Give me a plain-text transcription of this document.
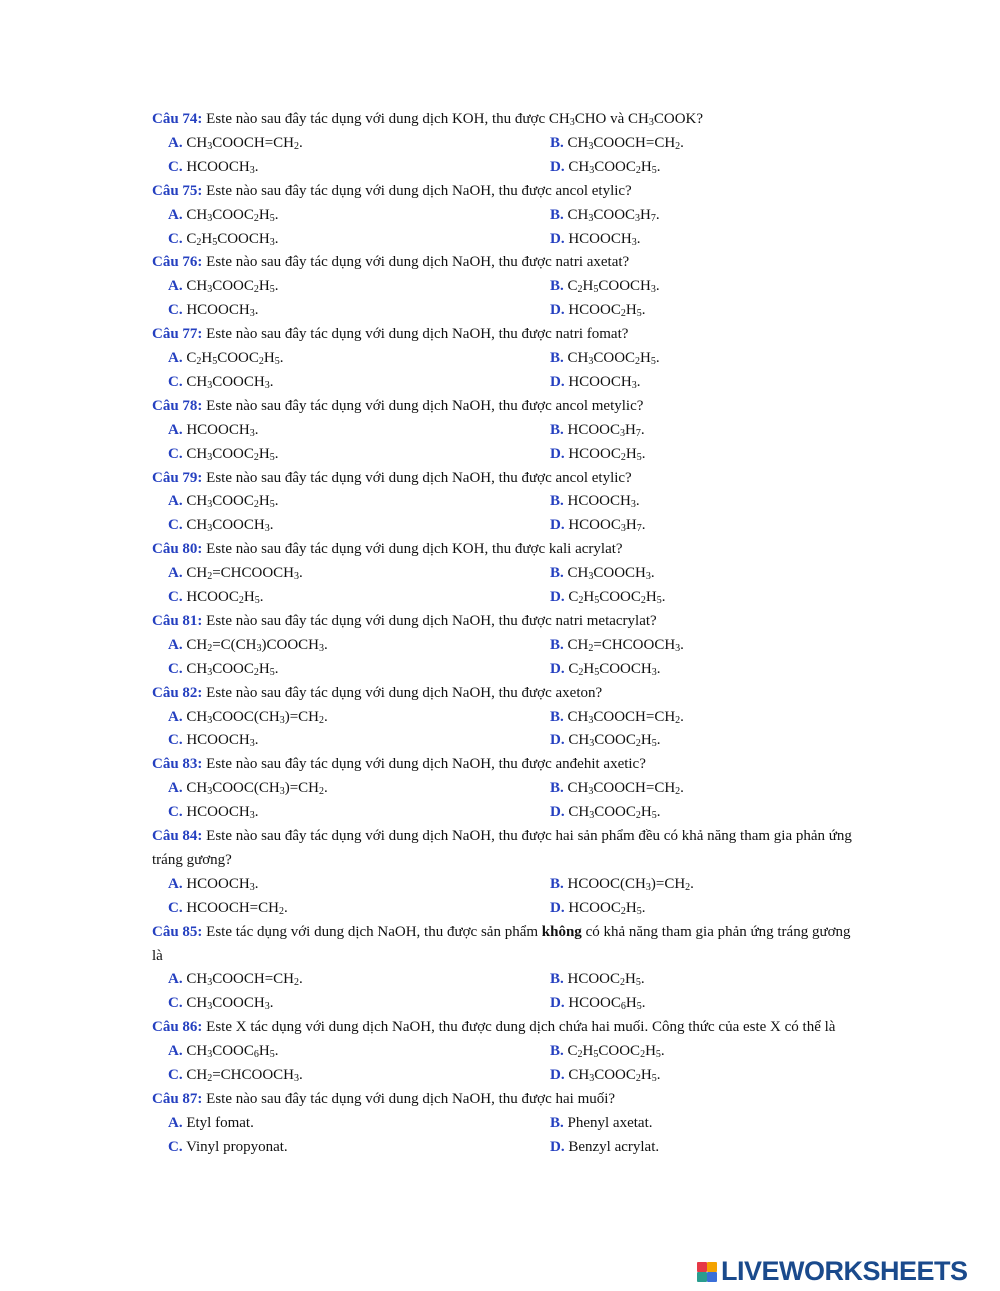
Câu 74: Este nào sau đây tác dụng với dung dịch KOH, thu được $CH_3CHO$ và $CH_3COOK$?
A. $CH_3COOCH=CH_2$.	B. $CH_3COOCH=CH_2$.
C. $HCOOCH_3$.	D. $CH_3COOC_2H_5$.
Câu 75: Este nào sau đây tác dụng với dung dịch NaOH, thu được ancol etylic?
A. $CH_3COOC_2H_5$.	B. $CH_3COOC_3H_7$.
C. $C_2H_5COOCH_3$.	D. $HCOOCH_3$.
Câu 76: Este nào sau đây tác dụng với dung dịch NaOH, thu được natri axetat?
A. $CH_3COOC_2H_5$.	B. $C_2H_5COOCH_3$.
C. $HCOOCH_3$.	D. $HCOOC_2H_5$.
Câu 77: Este nào sau đây tác dụng với dung dịch NaOH, thu được natri fomat?
A. $C_2H_5COOC_2H_5$.	B. $CH_3COOC_2H_5$.
C. $CH_3COOCH_3$.	D. $HCOOCH_3$.
Câu 78: Este nào sau đây tác dụng với dung dịch NaOH, thu được ancol metylic?
A. $HCOOCH_3$.	B. $HCOOC_3H_7$.
C. $CH_3COOC_2H_5$.	D. $HCOOC_2H_5$.
Câu 79: Este nào sau đây tác dụng với dung dịch NaOH, thu được ancol etylic?
A. $CH_3COOC_2H_5$.	B. $HCOOCH_3$.
C. $CH_3COOCH_3$.	D. $HCOOC_3H_7$.
Câu 80: Este nào sau đây tác dụng với dung dịch KOH, thu được kali acrylat?
A. $CH_2=CHCOOCH_3$.	B. $CH_3COOCH_3$.
C. $HCOOC_2H_5$.	D. $C_2H_5COOC_2H_5$.
Câu 81: Este nào sau đây tác dụng với dung dịch NaOH, thu được natri metacrylat?
A. $CH_2=C(CH_3)COOCH_3$.	B. $CH_2=CHCOOCH_3$.
C. $CH_3COOC_2H_5$.	D. $C_2H_5COOCH_3$.
Câu 82: Este nào sau đây tác dụng với dung dịch NaOH, thu được axeton?
A. $CH_3COOC(CH_3)=CH_2$.	B. $CH_3COOCH=CH_2$.
C. $HCOOCH_3$.	D. $CH_3COOC_2H_5$.
Câu 83: Este nào sau đây tác dụng với dung dịch NaOH, thu được anđehit axetic?
A. $CH_3COOC(CH_3)=CH_2$.	B. $CH_3COOCH=CH_2$.
C. $HCOOCH_3$.	D. $CH_3COOC_2H_5$.
Câu 84: Este nào sau đây tác dụng với dung dịch NaOH, thu được hai sản phẩm đều có khả năng tham gia phản ứng tráng gương?
A. $HCOOCH_3$.	B. $HCOOC(CH_3)=CH_2$.
C. $HCOOCH=CH_2$.	D. $HCOOC_2H_5$.
Câu 85: Este tác dụng với dung dịch NaOH, thu được sản phẩm không có khả năng tham gia phản ứng tráng gương là
A. $CH_3COOCH=CH_2$.	B. $HCOOC_2H_5$.
C. $CH_3COOCH_3$.	D. $HCOOC_6H_5$.
Câu 86: Este X tác dụng với dung dịch NaOH, thu được dung dịch chứa hai muối. Công thức của este X có thể là
A. $CH_3COOC_6H_5$.	B. $C_2H_5COOC_2H_5$.
C. $CH_2=CHCOOCH_3$.	D. $CH_3COOC_2H_5$.
Câu 87: Este nào sau đây tác dụng với dung dịch NaOH, thu được hai muối?
A. Etyl fomat.	B. Phenyl axetat.
C. Vinyl propyonat.	D. Benzyl acrylat.
LIVEWORKSHEETS
